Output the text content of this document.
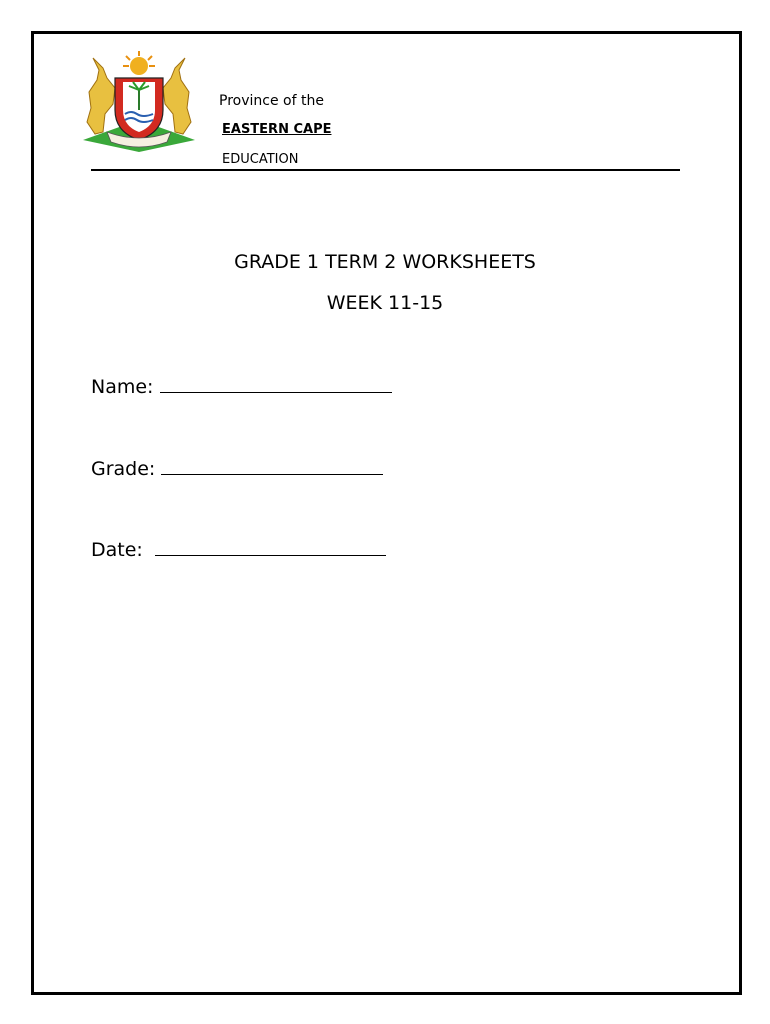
Province of the
EASTERN CAPE
EDUCATION
GRADE 1 TERM 2 WORKSHEETS
WEEK 11-15
Name:
Grade:
Date:
